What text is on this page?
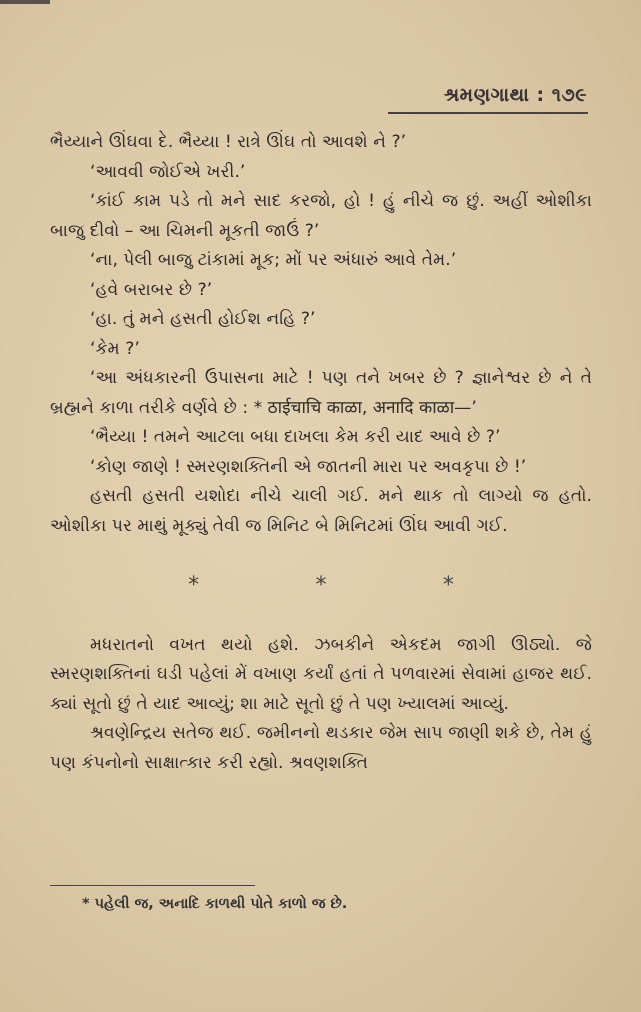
શ્રમણગાથા : ૧૭૯

ભૈય્યાને ઊંઘવા દે. ભૈય્યા ! રાત્રે ઊંઘ તો આવશે ને ?’

‘આવવી જોઈએ ખરી.’

‘કાંઈ કામ પડે તો મને સાદ કરજો, હો ! હું નીચે જ છું. અહીં ઓશીકા બાજુ દીવો – આ ચિમની મૂકતી જાઉં ?’

‘ના, પેલી બાજુ ટાંકામાં મૂક; મોં પર અંધારું આવે તેમ.’

‘હવે બરાબર છે ?’

‘હા. તું મને હસતી હોઈશ નહિ ?’

‘કેમ ?’

‘આ અંધકારની ઉપાસના માટે ! પણ તને ખબર છે ? જ્ઞાનેશ્વર છે ને તે બ્રહ્મને કાળા તરીકે વર્ણવે છે : * ठाईचाचि काळा, अनादि काळा—’

‘ભૈય્યા ! તમને આટલા બધા દાખલા કેમ કરી યાદ આવે છે ?’

‘કોણ જાણે ! સ્મરણશક્તિની એ જાતની મારા પર અવકૃપા છે !’

હસતી હસતી યશોદા નીચે ચાલી ગઈ. મને થાક તો લાગ્યો જ હતો. ઓશીકા પર માથું મૂક્યું તેવી જ મિનિટ બે મિનિટમાં ઊંઘ આવી ગઈ.

*	*	*

મધરાતનો વખત થયો હશે. ઝબકીને એકદમ જાગી ઊઠ્યો. જે સ્મરણશક્તિનાં ઘડી પહેલાં મેં વખાણ કર્યાં હતાં તે પળવારમાં સેવામાં હાજર થઈ. ક્યાં સૂતો છું તે યાદ આવ્યું; શા માટે સૂતો છું તે પણ ખ્યાલમાં આવ્યું.

શ્રવણેન્દ્રિય સતેજ થઈ. જમીનનો થડકાર જેમ સાપ જાણી શકે છે, તેમ હું પણ કંપનોનો સાક્ષાત્કાર કરી રહ્યો. શ્રવણશક્તિ

* પહેલી જ, અનાદિ કાળથી પોતે કાળો જ છે.
